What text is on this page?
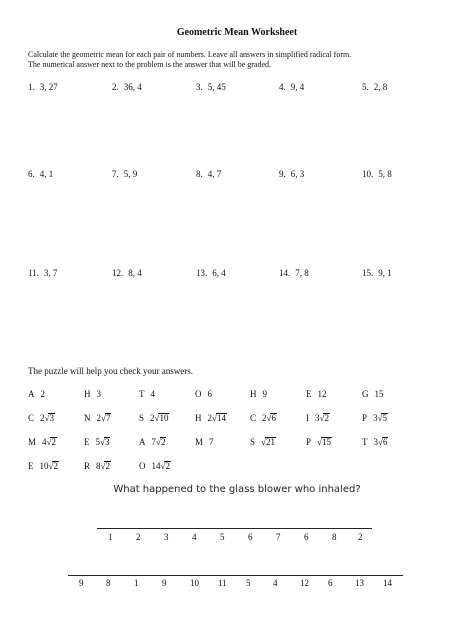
Geometric Mean Worksheet
Calculate the geometric mean for each pair of numbers. Leave all answers in simplified radical form.
The numerical answer next to the problem is the answer that will be graded.
1. 3, 27	2. 36, 4	3. 5, 45	4. 9, 4	5. 2, 8
6. 4, 1	7. 5, 9	8. 4, 7	9. 6, 3	10. 5, 8
11. 3, 7	12. 8, 4	13. 6, 4	14. 7, 8	15. 9, 1
The puzzle will help you check your answers.
A 2	H 3	T 4	O 6	H 9	E 12	G 15
C 2√3	N 2√7	S 2√10	H 2√14	C 2√6	I 3√2	P 3√5
M 4√2	E 5√3	A 7√2	M 7	S √21	P √15	T 3√6
E 10√2	R 8√2	O 14√2
What happened to the glass blower who inhaled?
1	2	3	4	5	6	7	6	8 2
9	8	1	9	10 11 5	4	12 6	13 14
